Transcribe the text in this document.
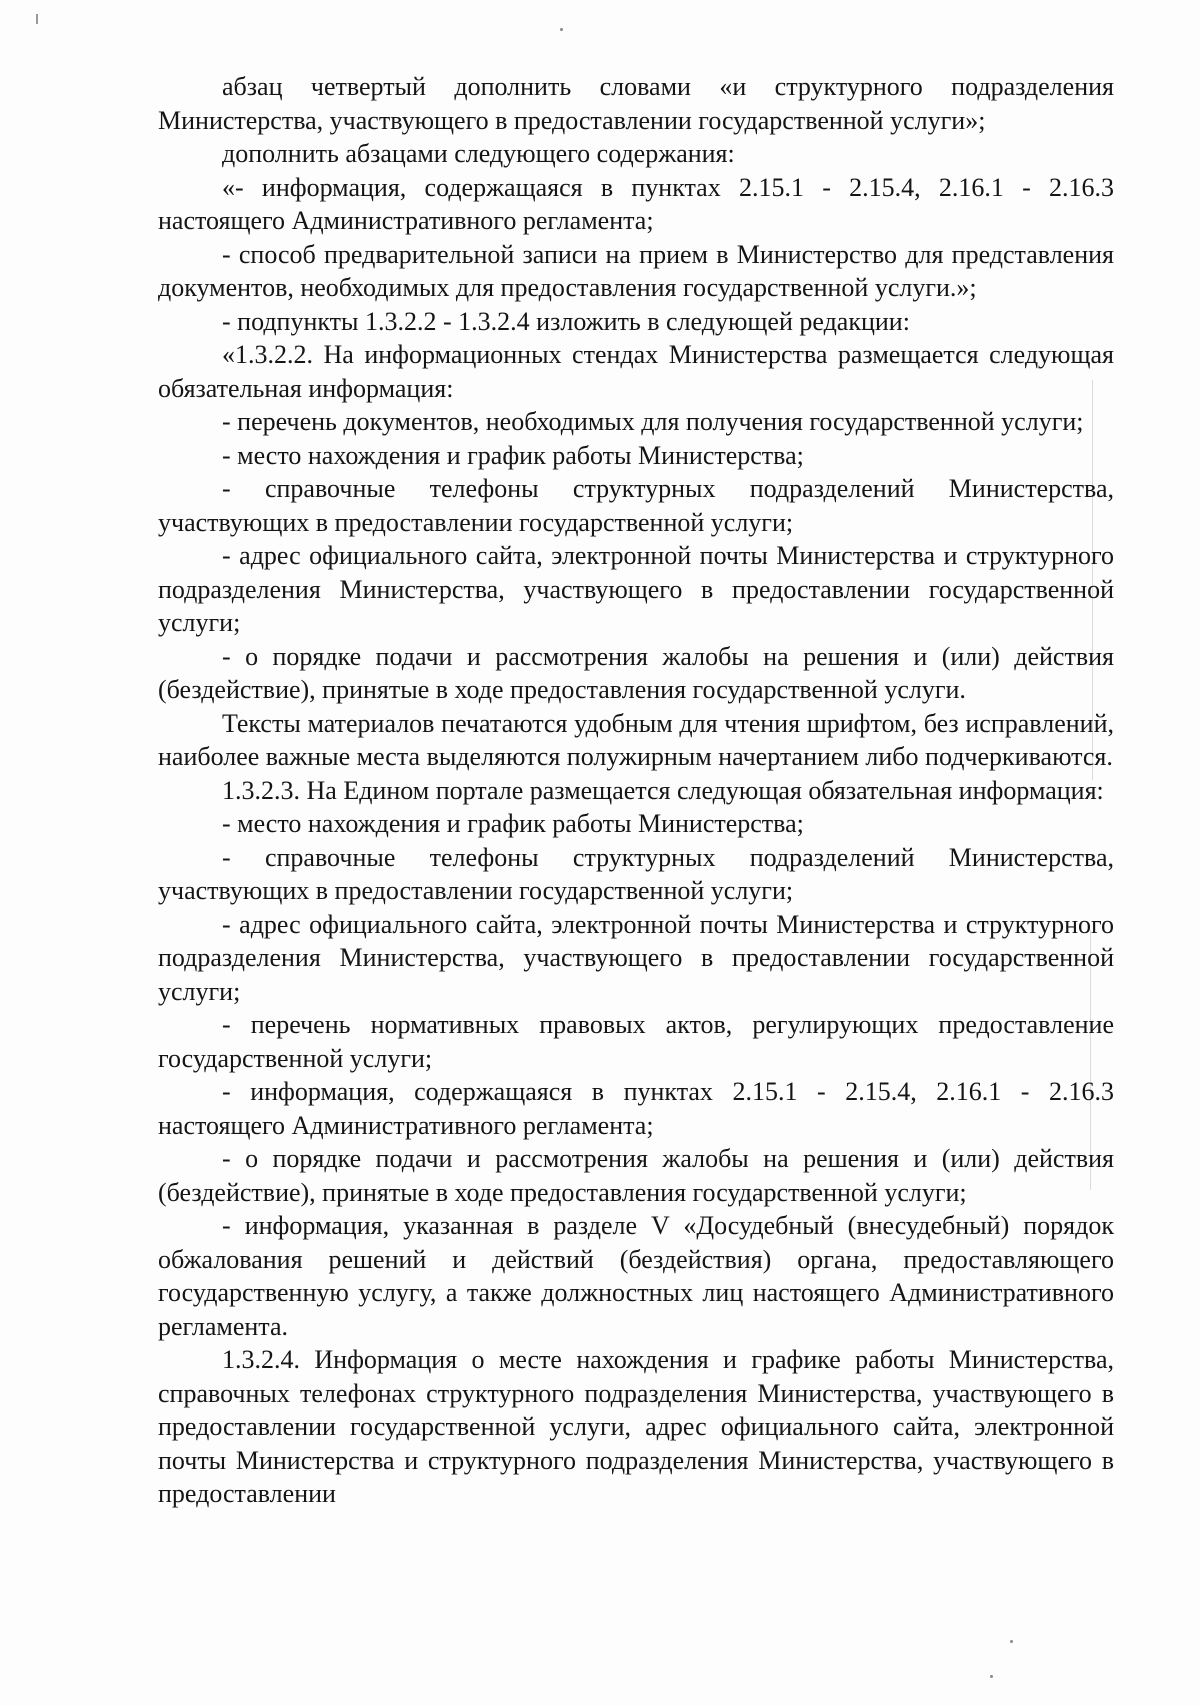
абзац четвертый дополнить словами «и структурного подразделения Министерства, участвующего в предоставлении государственной услуги»;

дополнить абзацами следующего содержания:

«- информация, содержащаяся в пунктах 2.15.1 - 2.15.4, 2.16.1 - 2.16.3 настоящего Административного регламента;

- способ предварительной записи на прием в Министерство для представления документов, необходимых для предоставления государственной услуги.»;

- подпункты 1.3.2.2 - 1.3.2.4 изложить в следующей редакции:

«1.3.2.2. На информационных стендах Министерства размещается следующая обязательная информация:

- перечень документов, необходимых для получения государственной услуги;

- место нахождения и график работы Министерства;

- справочные телефоны структурных подразделений Министерства, участвующих в предоставлении государственной услуги;

- адрес официального сайта, электронной почты Министерства и структурного подразделения Министерства, участвующего в предоставлении государственной услуги;

- о порядке подачи и рассмотрения жалобы на решения и (или) действия (бездействие), принятые в ходе предоставления государственной услуги.

Тексты материалов печатаются удобным для чтения шрифтом, без исправлений, наиболее важные места выделяются полужирным начертанием либо подчеркиваются.

1.3.2.3. На Едином портале размещается следующая обязательная информация:

- место нахождения и график работы Министерства;

- справочные телефоны структурных подразделений Министерства, участвующих в предоставлении государственной услуги;

- адрес официального сайта, электронной почты Министерства и структурного подразделения Министерства, участвующего в предоставлении государственной услуги;

- перечень нормативных правовых актов, регулирующих предоставление государственной услуги;

- информация, содержащаяся в пунктах 2.15.1 - 2.15.4, 2.16.1 - 2.16.3 настоящего Административного регламента;

- о порядке подачи и рассмотрения жалобы на решения и (или) действия (бездействие), принятые в ходе предоставления государственной услуги;

- информация, указанная в разделе V «Досудебный (внесудебный) порядок обжалования решений и действий (бездействия) органа, предоставляющего государственную услугу, а также должностных лиц настоящего Административного регламента.

1.3.2.4. Информация о месте нахождения и графике работы Министерства, справочных телефонах структурного подразделения Министерства, участвующего в предоставлении государственной услуги, адрес официального сайта, электронной почты Министерства и структурного подразделения Министерства, участвующего в предоставлении
